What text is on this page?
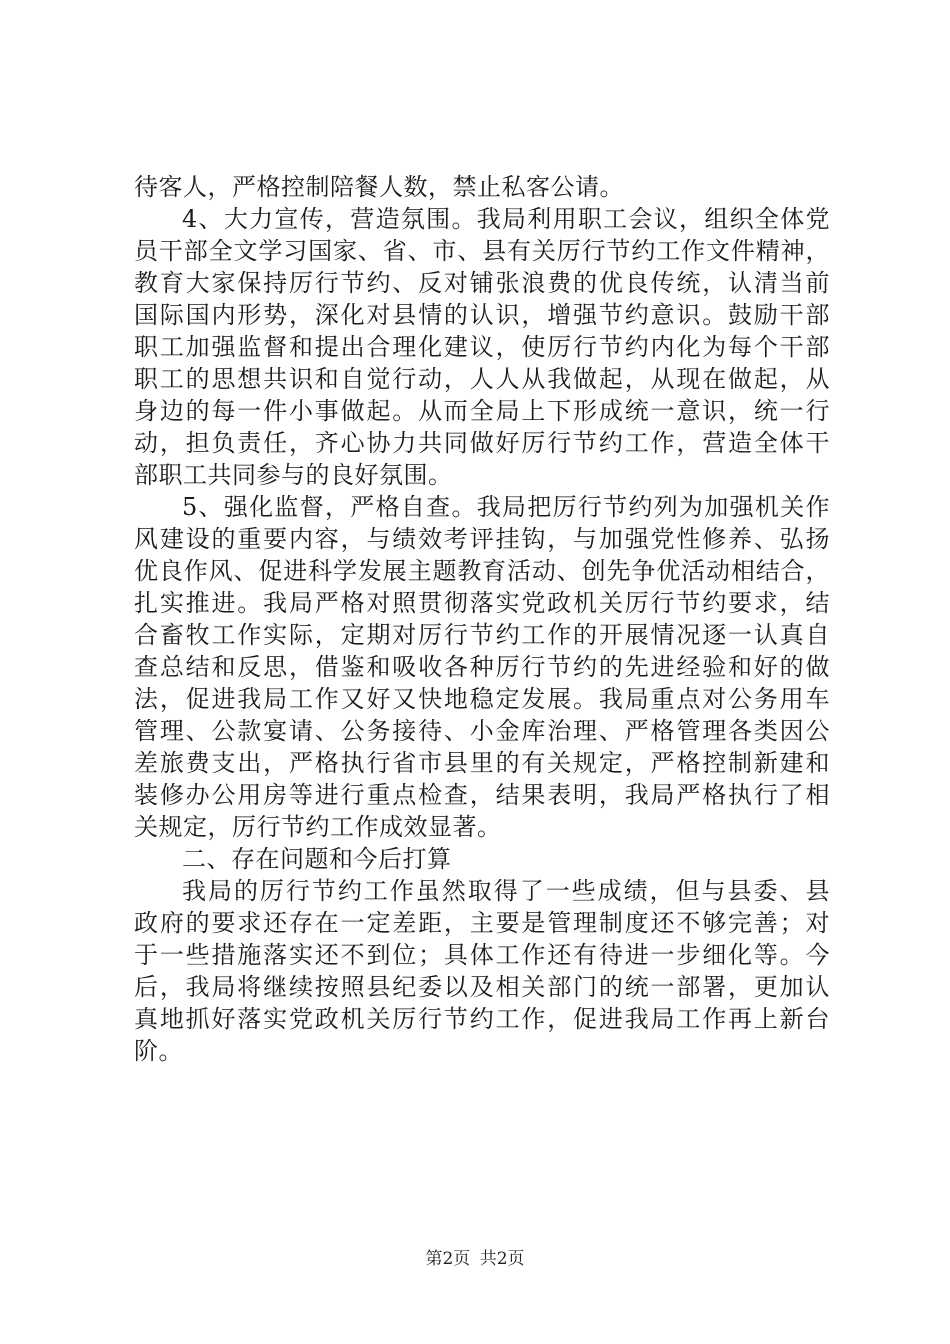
待客人，严格控制陪餐人数，禁止私客公请。
4、大力宣传，营造氛围。我局利用职工会议，组织全体党
员干部全文学习国家、省、市、县有关厉行节约工作文件精神，
教育大家保持厉行节约、反对铺张浪费的优良传统，认清当前
国际国内形势，深化对县情的认识，增强节约意识。鼓励干部
职工加强监督和提出合理化建议，使厉行节约内化为每个干部
职工的思想共识和自觉行动，人人从我做起，从现在做起，从
身边的每一件小事做起。从而全局上下形成统一意识，统一行
动，担负责任，齐心协力共同做好厉行节约工作，营造全体干
部职工共同参与的良好氛围。
5、强化监督，严格自查。我局把厉行节约列为加强机关作
风建设的重要内容，与绩效考评挂钩，与加强党性修养、弘扬
优良作风、促进科学发展主题教育活动、创先争优活动相结合，
扎实推进。我局严格对照贯彻落实党政机关厉行节约要求，结
合畜牧工作实际，定期对厉行节约工作的开展情况逐一认真自
查总结和反思，借鉴和吸收各种厉行节约的先进经验和好的做
法，促进我局工作又好又快地稳定发展。我局重点对公务用车
管理、公款宴请、公务接待、小金库治理、严格管理各类因公
差旅费支出，严格执行省市县里的有关规定，严格控制新建和
装修办公用房等进行重点检查，结果表明，我局严格执行了相
关规定，厉行节约工作成效显著。
二、存在问题和今后打算
我局的厉行节约工作虽然取得了一些成绩，但与县委、县
政府的要求还存在一定差距，主要是管理制度还不够完善；对
于一些措施落实还不到位；具体工作还有待进一步细化等。今
后，我局将继续按照县纪委以及相关部门的统一部署，更加认
真地抓好落实党政机关厉行节约工作，促进我局工作再上新台
阶。
第2页 共2页
